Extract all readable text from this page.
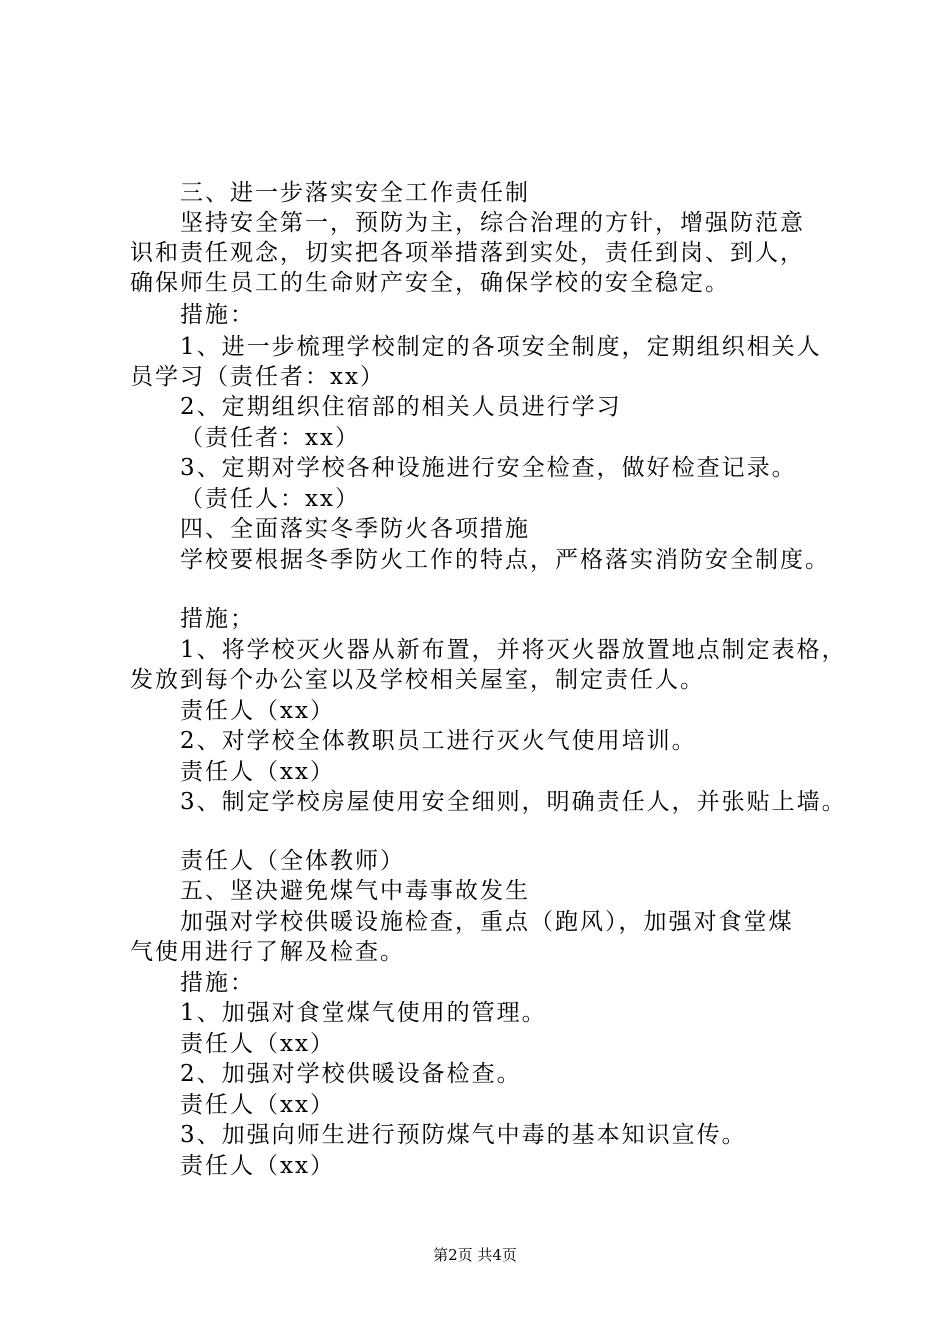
三、进一步落实安全工作责任制
坚持安全第一，预防为主，综合治理的方针，增强防范意
识和责任观念，切实把各项举措落到实处，责任到岗、到人，
确保师生员工的生命财产安全，确保学校的安全稳定。
措施：
1、进一步梳理学校制定的各项安全制度，定期组织相关人
员学习（责任者：xx）
2、定期组织住宿部的相关人员进行学习
（责任者：xx）
3、定期对学校各种设施进行安全检查，做好检查记录。
（责任人：xx）
四、全面落实冬季防火各项措施
学校要根据冬季防火工作的特点，严格落实消防安全制度。
措施；
1、将学校灭火器从新布置，并将灭火器放置地点制定表格，
发放到每个办公室以及学校相关屋室，制定责任人。
责任人（xx）
2、对学校全体教职员工进行灭火气使用培训。
责任人（xx）
3、制定学校房屋使用安全细则，明确责任人，并张贴上墙。
责任人（全体教师）
五、坚决避免煤气中毒事故发生
加强对学校供暖设施检查，重点（跑风），加强对食堂煤
气使用进行了解及检查。
措施：
1、加强对食堂煤气使用的管理。
责任人（xx）
2、加强对学校供暖设备检查。
责任人（xx）
3、加强向师生进行预防煤气中毒的基本知识宣传。
责任人（xx）
第2页 共4页
